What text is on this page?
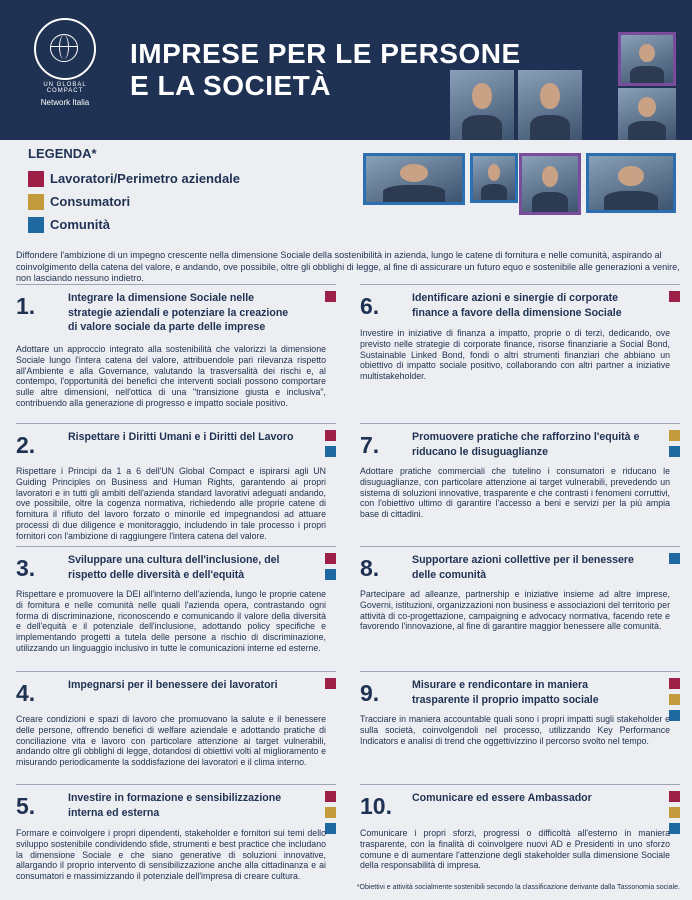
UN GLOBAL COMPACT
Network Italia
IMPRESE PER LE PERSONE
E LA SOCIETÀ
LEGENDA*
Lavoratori/Perimetro aziendale
Consumatori
Comunità
Diffondere l'ambizione di un impegno crescente nella dimensione Sociale della sostenibilità in azienda, lungo le catene di fornitura e nelle comunità, aspirando al coinvolgimento della catena del valore, e andando, ove possibile, oltre gli obblighi di legge, al fine di assicurare un futuro equo e sostenibile alle generazioni a venire, non lasciando nessuno indietro.
1.	Integrare la dimensione Sociale nelle strategie aziendali e potenziare la creazione di valore sociale da parte delle imprese
Adottare un approccio integrato alla sostenibilità che valorizzi la dimensione Sociale lungo l'intera catena del valore, attribuendole pari rilevanza rispetto all'Ambiente e alla Governance, valutando la trasversalità dei rischi e, al contempo, l'opportunità dei benefici che interventi sociali possono comportare sulle altre dimensioni, nell'ottica di una "transizione giusta e inclusiva", contribuendo alla generazione di progresso e impatto sociale positivo.
2.	Rispettare i Diritti Umani e i Diritti del Lavoro
Rispettare i Principi da 1 a 6 dell'UN Global Compact e ispirarsi agli UN Guiding Principles on Business and Human Rights, garantendo ai propri lavoratori e in tutti gli ambiti dell'azienda standard lavorativi adeguati andando, ove possibile, oltre la cogenza normativa, richiedendo alle proprie catene di fornitura il rifiuto del lavoro forzato o minorile ed impegnandosi ad attuare processi di due diligence e monitoraggio, includendo in tale processo i propri fornitori con l'ambizione di raggiungere l'intera catena del valore.
3.	Sviluppare una cultura dell'inclusione, del rispetto delle diversità e dell'equità
Rispettare e promuovere la DEI all'interno dell'azienda, lungo le proprie catene di fornitura e nelle comunità nelle quali l'azienda opera, contrastando ogni forma di discriminazione, riconoscendo e comunicando il valore della diversità e dell'equità e il potenziale dell'inclusione, adottando policy specifiche e implementando progetti a tutela delle persone a rischio di discriminazione, utilizzando un linguaggio inclusivo in tutte le comunicazioni interne ed esterne.
4.	Impegnarsi per il benessere dei lavoratori
Creare condizioni e spazi di lavoro che promuovano la salute e il benessere delle persone, offrendo benefici di welfare aziendale e adottando pratiche di conciliazione vita e lavoro con particolare attenzione ai target vulnerabili, andando oltre gli obblighi di legge, dotandosi di obiettivi volti al miglioramento e misurando periodicamente la soddisfazione dei lavoratori e il clima interno.
5.	Investire in formazione e sensibilizzazione interna ed esterna
Formare e coinvolgere i propri dipendenti, stakeholder e fornitori sui temi dello sviluppo sostenibile condividendo sfide, strumenti e best practice che includano la dimensione Sociale e che siano generative di soluzioni innovative, allargando il proprio intervento di sensibilizzazione anche alla cittadinanza e ai consumatori e massimizzando il potenziale dell'impresa di creare cultura.
6.	Identificare azioni e sinergie di corporate finance a favore della dimensione Sociale
Investire in iniziative di finanza a impatto, proprie o di terzi, dedicando, ove previsto nelle strategie di corporate finance, risorse finanziarie a Social Bond, Sustainable Linked Bond, fondi o altri strumenti finanziari che abbiano un obiettivo di impatto sociale positivo, collaborando con altri partner a iniziative multistakeholder.
7.	Promuovere pratiche che rafforzino l'equità e riducano le disuguaglianze
Adottare pratiche commerciali che tutelino i consumatori e riducano le disuguaglianze, con particolare attenzione ai target vulnerabili, prevedendo un sistema di soluzioni innovative, trasparente e che contrasti i fenomeni corruttivi, con l'obiettivo ultimo di garantire l'accesso a beni e servizi per la più ampia base di cittadini.
8.	Supportare azioni collettive per il benessere delle comunità
Partecipare ad alleanze, partnership e iniziative insieme ad altre imprese, Governi, istituzioni, organizzazioni non business e associazioni del territorio per attività di co-progettazione, campaigning e advocacy normativa, facendo rete e favorendo l'innovazione, al fine di garantire maggior benessere alle comunità.
9.	Misurare e rendicontare in maniera trasparente il proprio impatto sociale
Tracciare in maniera accountable quali sono i propri impatti sugli stakeholder e sulla società, coinvolgendoli nel processo, utilizzando Key Performance Indicators e analisi di trend che oggettivizzino il percorso svolto nel tempo.
10. Comunicare ed essere Ambassador
Comunicare i propri sforzi, progressi o difficoltà all'esterno in maniera trasparente, con la finalità di coinvolgere nuovi AD e Presidenti in uno sforzo comune e di aumentare l'attenzione degli stakeholder sulla dimensione Sociale della responsabilità di impresa.
*Obiettivi e attività socialmente sostenibili secondo la classificazione derivante dalla Tassonomia sociale.
